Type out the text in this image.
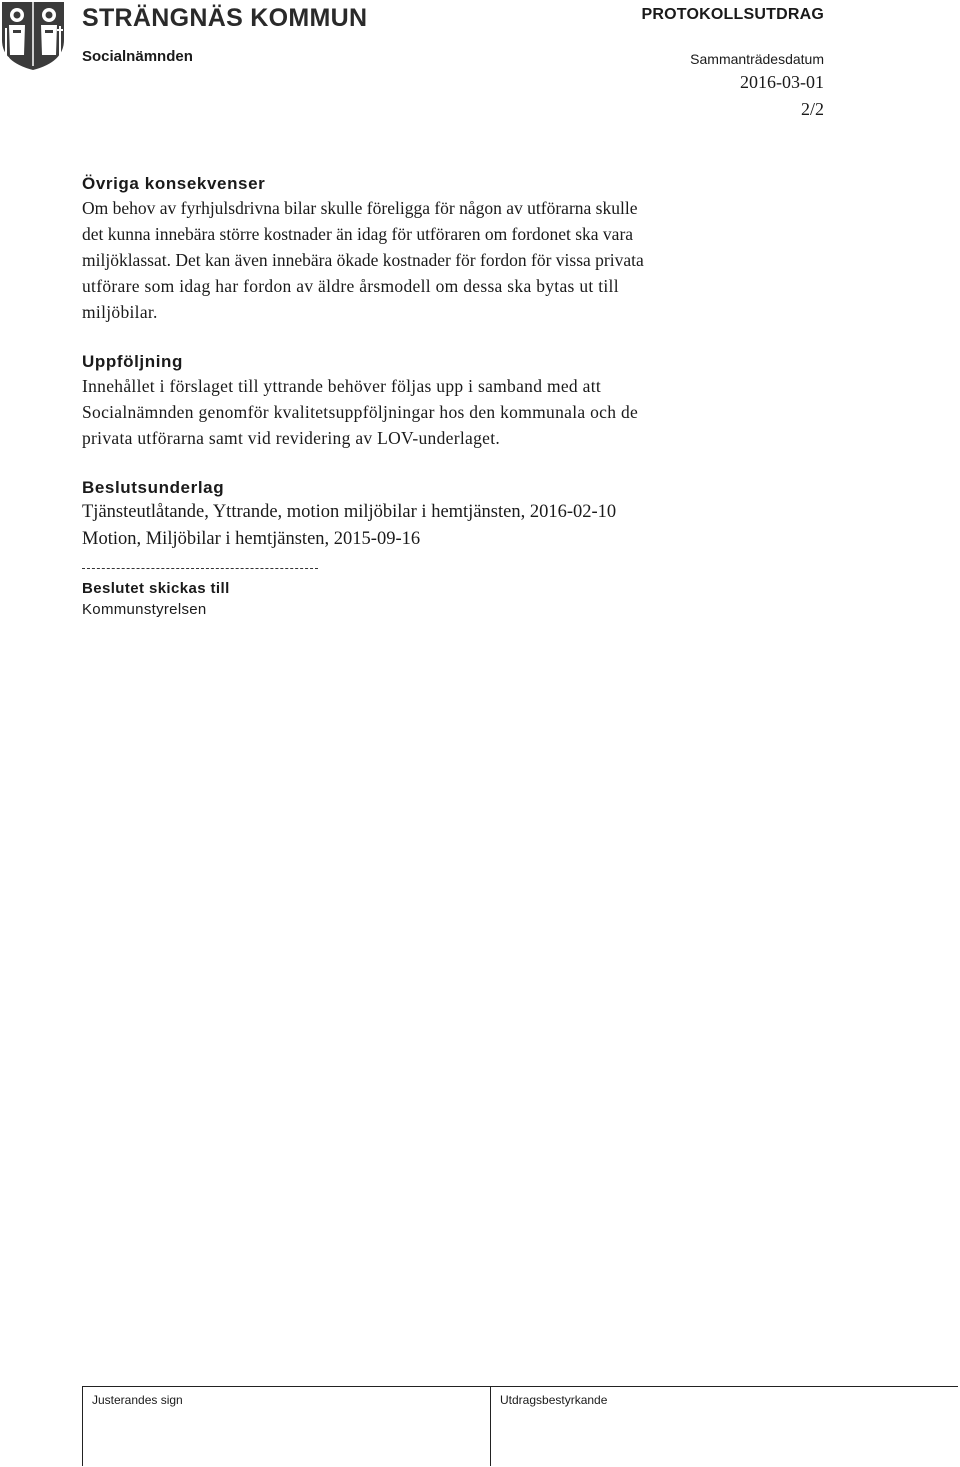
STRÄNGNÄS KOMMUN	PROTOKOLLSUTDRAG
Socialnämnden	Sammanträdesdatum
2016-03-01
2/2
Övriga konsekvenser

Om behov av fyrhjulsdrivna bilar skulle föreligga för någon av utförarna skulle

det kunna innebära större kostnader än idag för utföraren om fordonet ska vara

miljöklassat. Det kan även innebära ökade kostnader för fordon för vissa privata

utförare som idag har fordon av äldre årsmodell om dessa ska bytas ut till

miljöbilar.

Uppföljning

Innehållet i förslaget till yttrande behöver följas upp i samband med att

Socialnämnden genomför kvalitetsuppföljningar hos den kommunala och de

privata utförarna samt vid revidering av LOV-underlaget.

Beslutsunderlag

Tjänsteutlåtande, Yttrande, motion miljöbilar i hemtjänsten, 2016-02-10

Motion, Miljöbilar i hemtjänsten, 2015-09-16

Beslutet skickas till
Kommunstyrelsen
Justerandes sign	Utdragsbestyrkande
